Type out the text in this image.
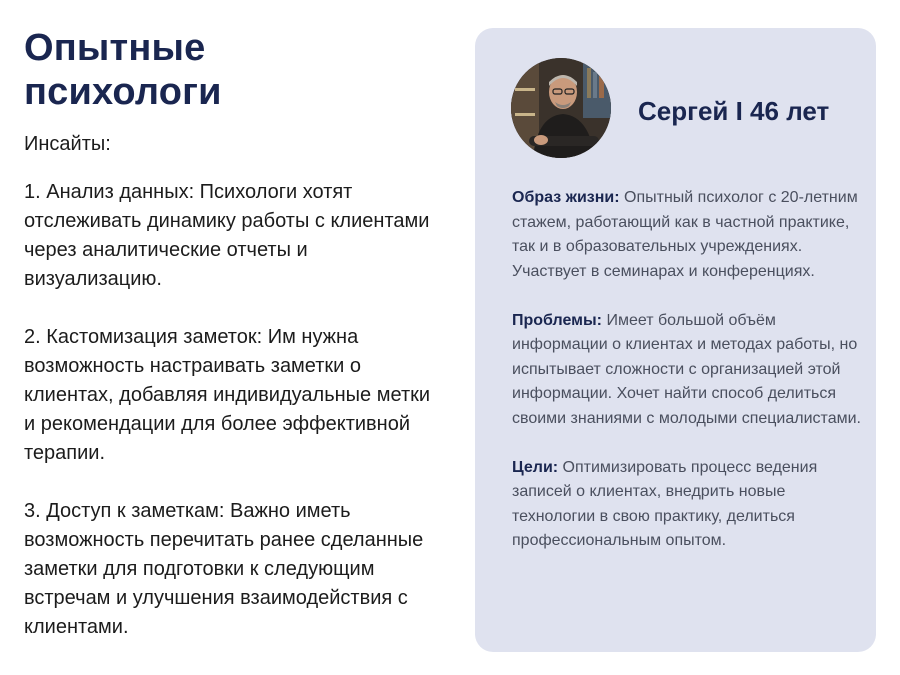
Опытные
психологи
Инсайты:

1. Анализ данных: Психологи хотят отслеживать динамику работы с клиентами через аналитические отчеты и визуализацию.

2. Кастомизация заметок: Им нужна возможность настраивать заметки о клиентах, добавляя индивидуальные метки и рекомендации для более эффективной терапии.

3. Доступ к заметкам: Важно иметь возможность перечитать ранее сделанные заметки для подготовки к следующим встречам и улучшения взаимодействия с клиентами.

Сергей I 46 лет

Образ жизни: Опытный психолог с 20-летним стажем, работающий как в частной практике, так и в образовательных учреждениях. Участвует в семинарах и конференциях.

Проблемы: Имеет большой объём информации о клиентах и методах работы, но испытывает сложности с организацией этой информации. Хочет найти способ делиться своими знаниями с молодыми специалистами.

Цели: Оптимизировать процесс ведения записей о клиентах, внедрить новые технологии в свою практику, делиться профессиональным опытом.
